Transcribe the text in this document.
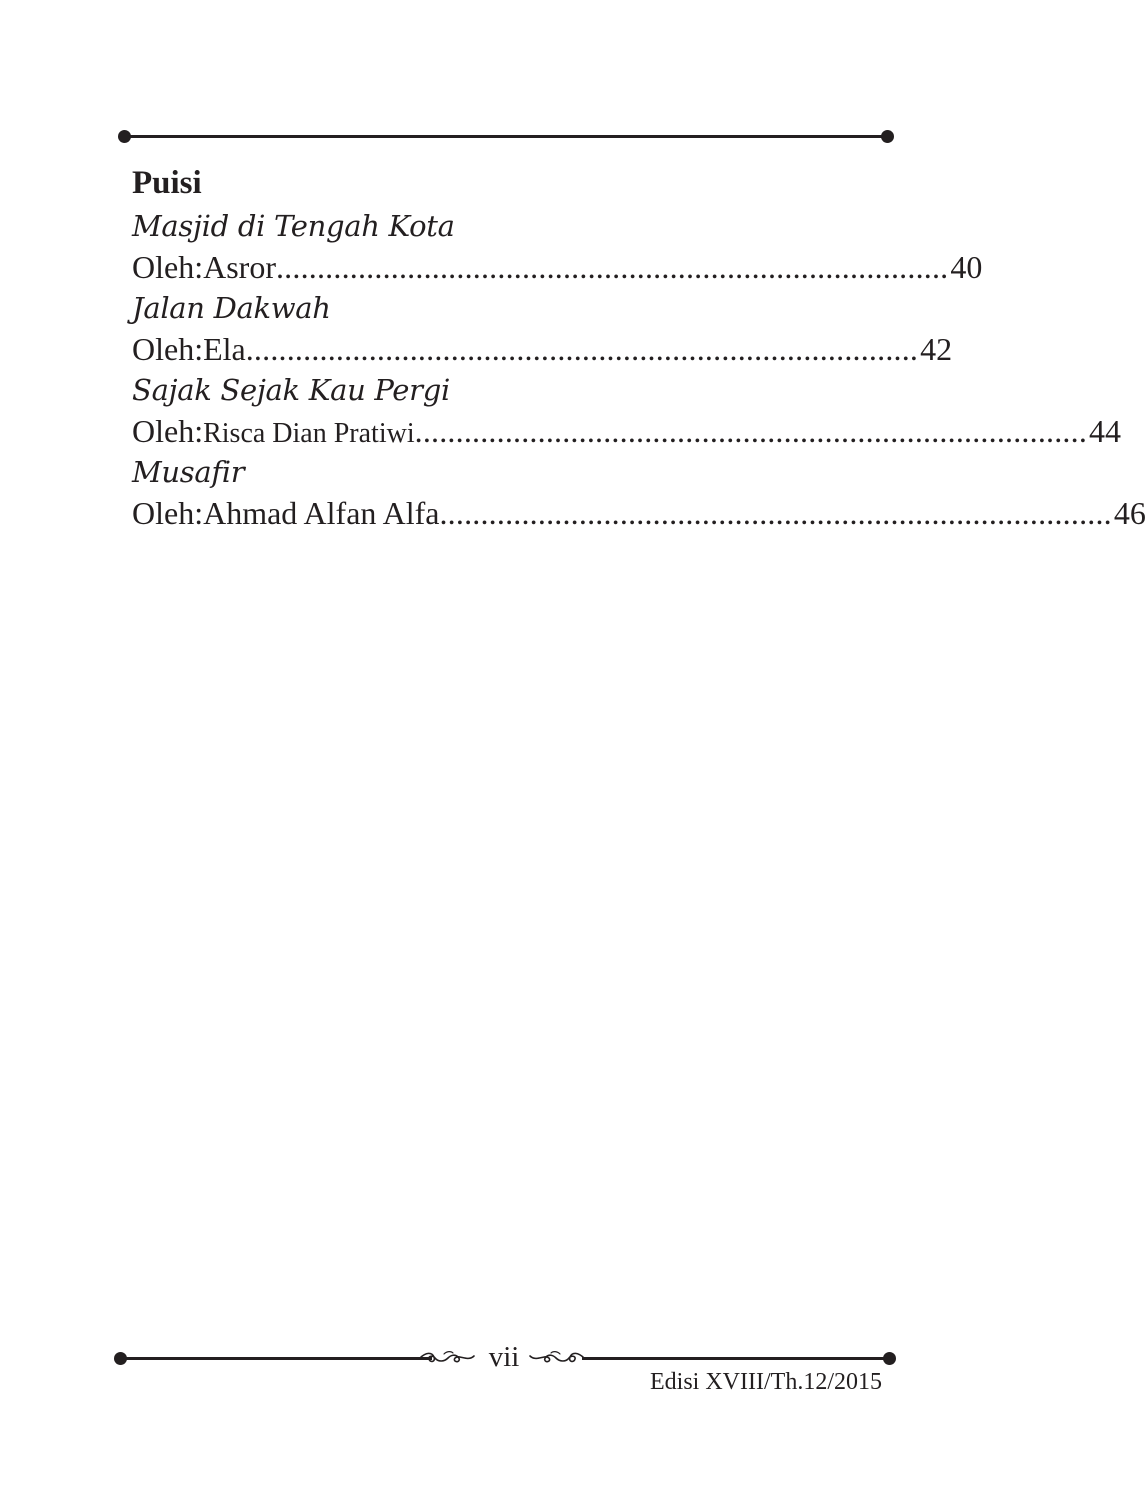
Puisi
Masjid di Tengah Kota
Oleh: Asror .................................................................................. 40
Jalan Dakwah
Oleh: Ela .................................................................................. 42
Sajak Sejak Kau Pergi
Oleh: Risca Dian Pratiwi .................................................................................. 44
Musafir
Oleh: Ahmad Alfan Alfa .................................................................................. 46
vii
Edisi XVIII/Th.12/2015
